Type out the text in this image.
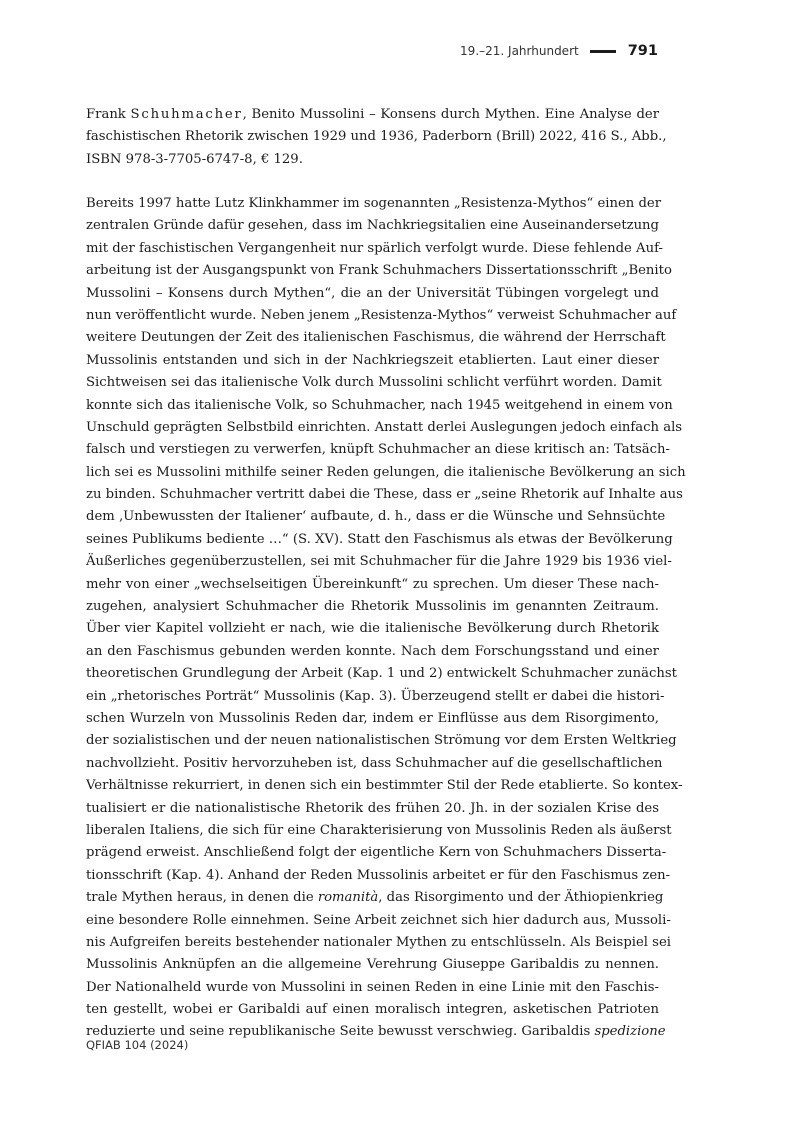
19.–21. Jahrhundert	791
Frank Schuhmacher, Benito Mussolini – Konsens durch Mythen. Eine Analyse der
faschistischen Rhetorik zwischen 1929 und 1936, Paderborn (Brill) 2022, 416 S., Abb.,
ISBN 978-3-7705-6747-8, € 129.
Bereits 1997 hatte Lutz Klinkhammer im sogenannten „Resistenza-Mythos“ einen der
zentralen Gründe dafür gesehen, dass im Nachkriegsitalien eine Auseinandersetzung
mit der faschistischen Vergangenheit nur spärlich verfolgt wurde. Diese fehlende Auf-
arbeitung ist der Ausgangspunkt von Frank Schuhmachers Dissertationsschrift „Benito
Mussolini – Konsens durch Mythen“, die an der Universität Tübingen vorgelegt und
nun veröffentlicht wurde. Neben jenem „Resistenza-Mythos“ verweist Schuhmacher auf
weitere Deutungen der Zeit des italienischen Faschismus, die während der Herrschaft
Mussolinis entstanden und sich in der Nachkriegszeit etablierten. Laut einer dieser
Sichtweisen sei das italienische Volk durch Mussolini schlicht verführt worden. Damit
konnte sich das italienische Volk, so Schuhmacher, nach 1945 weitgehend in einem von
Unschuld geprägten Selbstbild einrichten. Anstatt derlei Auslegungen jedoch einfach als
falsch und verstiegen zu verwerfen, knüpft Schuhmacher an diese kritisch an: Tatsäch-
lich sei es Mussolini mithilfe seiner Reden gelungen, die italienische Bevölkerung an sich
zu binden. Schuhmacher vertritt dabei die These, dass er „seine Rhetorik auf Inhalte aus
dem ‚Unbewussten der Italiener‘ aufbaute, d. h., dass er die Wünsche und Sehnsüchte
seines Publikums bediente …“ (S. XV). Statt den Faschismus als etwas der Bevölkerung
Äußerliches gegenüberzustellen, sei mit Schuhmacher für die Jahre 1929 bis 1936 viel-
mehr von einer „wechselseitigen Übereinkunft“ zu sprechen. Um dieser These nach-
zugehen, analysiert Schuhmacher die Rhetorik Mussolinis im genannten Zeitraum.
Über vier Kapitel vollzieht er nach, wie die italienische Bevölkerung durch Rhetorik
an den Faschismus gebunden werden konnte. Nach dem Forschungsstand und einer
theoretischen Grundlegung der Arbeit (Kap. 1 und 2) entwickelt Schuhmacher zunächst
ein „rhetorisches Porträt“ Mussolinis (Kap. 3). Überzeugend stellt er dabei die histori-
schen Wurzeln von Mussolinis Reden dar, indem er Einflüsse aus dem Risorgimento,
der sozialistischen und der neuen nationalistischen Strömung vor dem Ersten Weltkrieg
nachvollzieht. Positiv hervorzuheben ist, dass Schuhmacher auf die gesellschaftlichen
Verhältnisse rekurriert, in denen sich ein bestimmter Stil der Rede etablierte. So kontex-
tualisiert er die nationalistische Rhetorik des frühen 20. Jh. in der sozialen Krise des
liberalen Italiens, die sich für eine Charakterisierung von Mussolinis Reden als äußerst
prägend erweist. Anschließend folgt der eigentliche Kern von Schuhmachers Disserta-
tionsschrift (Kap. 4). Anhand der Reden Mussolinis arbeitet er für den Faschismus zen-
trale Mythen heraus, in denen die romanità, das Risorgimento und der Äthiopienkrieg
eine besondere Rolle einnehmen. Seine Arbeit zeichnet sich hier dadurch aus, Mussoli-
nis Aufgreifen bereits bestehender nationaler Mythen zu entschlüsseln. Als Beispiel sei
Mussolinis Anknüpfen an die allgemeine Verehrung Giuseppe Garibaldis zu nennen.
Der Nationalheld wurde von Mussolini in seinen Reden in eine Linie mit den Faschis-
ten gestellt, wobei er Garibaldi auf einen moralisch integren, asketischen Patrioten
reduzierte und seine republikanische Seite bewusst verschwieg. Garibaldis spedizione
QFIAB 104 (2024)
